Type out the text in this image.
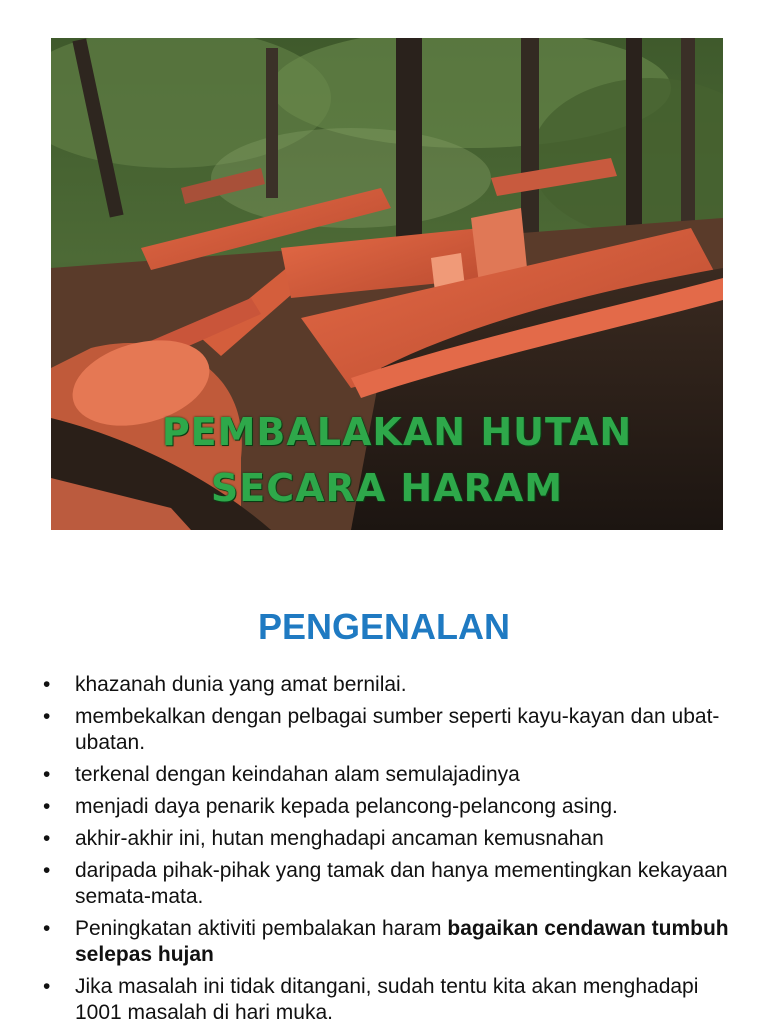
PEMBALAKAN HUTAN

SECARA HARAM

PENGENALAN
• khazanah dunia yang amat bernilai.
• membekalkan dengan pelbagai sumber seperti kayu-kayan dan ubat-ubatan.
• terkenal dengan keindahan alam semulajadinya
• menjadi daya penarik kepada pelancong-pelancong asing.
• akhir-akhir ini, hutan menghadapi ancaman kemusnahan
• daripada pihak-pihak yang tamak dan hanya mementingkan kekayaan semata-mata.
• Peningkatan aktiviti pembalakan haram bagaikan cendawan tumbuh selepas hujan
• Jika masalah ini tidak ditangani, sudah tentu kita akan menghadapi 1001 masalah di hari muka.
